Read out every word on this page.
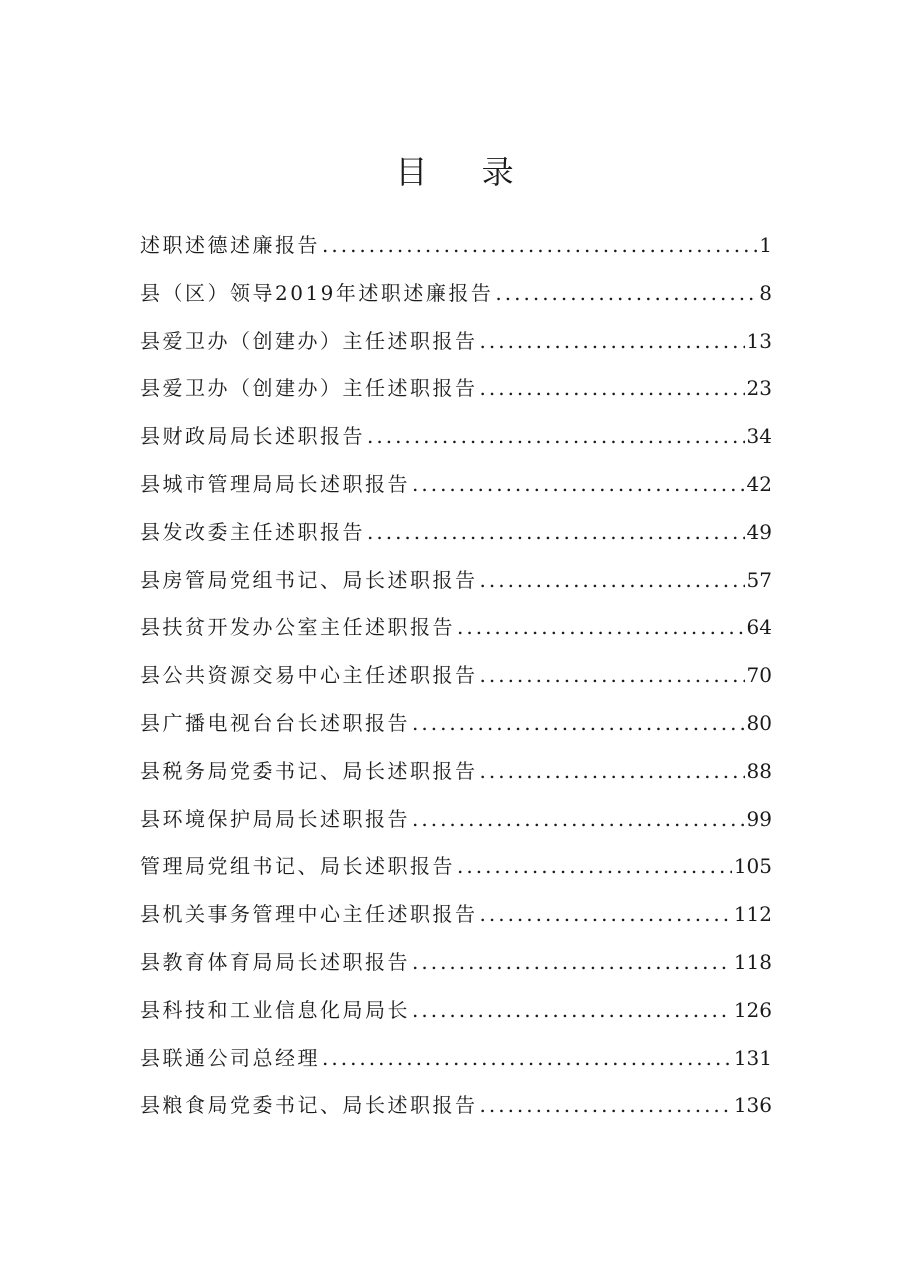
目 录
述职述德述廉报告 .....	1
县（区）领导2019年述职述廉报告 .....	8
县爱卫办（创建办）主任述职报告 .....	13
县爱卫办（创建办）主任述职报告 .....	23
县财政局局长述职报告 .....	34
县城市管理局局长述职报告 .....	42
县发改委主任述职报告 .....	49
县房管局党组书记、局长述职报告 .....	57
县扶贫开发办公室主任述职报告 .....	64
县公共资源交易中心主任述职报告 .....	70
县广播电视台台长述职报告 .....	80
县税务局党委书记、局长述职报告 .....	88
县环境保护局局长述职报告 .....	99
管理局党组书记、局长述职报告 .....	105
县机关事务管理中心主任述职报告 .....	112
县教育体育局局长述职报告 .....	118
县科技和工业信息化局局长 .....	126
县联通公司总经理 .....	131
县粮食局党委书记、局长述职报告 .....	136
